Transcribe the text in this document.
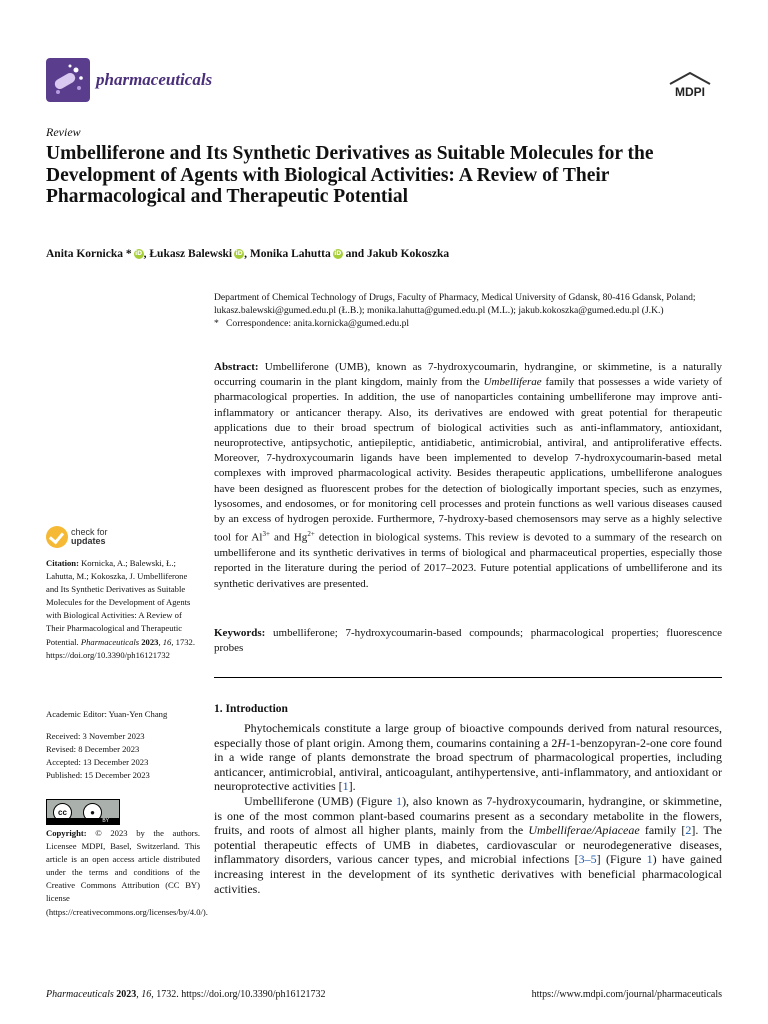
pharmaceuticals
MDPI
Review
Umbelliferone and Its Synthetic Derivatives as Suitable Molecules for the Development of Agents with Biological Activities: A Review of Their Pharmacological and Therapeutic Potential
Anita Kornicka * iD, Łukasz Balewski iD, Monika Lahutta iD and Jakub Kokoszka
Department of Chemical Technology of Drugs, Faculty of Pharmacy, Medical University of Gdansk, 80-416 Gdansk, Poland; lukasz.balewski@gumed.edu.pl (Ł.B.); monika.lahutta@gumed.edu.pl (M.L.); jakub.kokoszka@gumed.edu.pl (J.K.)
* Correspondence: anita.kornicka@gumed.edu.pl
Abstract: Umbelliferone (UMB), known as 7-hydroxycoumarin, hydrangine, or skimmetine, is a naturally occurring coumarin in the plant kingdom, mainly from the Umbelliferae family that possesses a wide variety of pharmacological properties. In addition, the use of nanoparticles containing umbelliferone may improve anti-inflammatory or anticancer therapy. Also, its derivatives are endowed with great potential for therapeutic applications due to their broad spectrum of biological activities such as anti-inflammatory, antioxidant, neuroprotective, antipsychotic, antiepileptic, antidiabetic, antimicrobial, antiviral, and antiproliferative effects. Moreover, 7-hydroxycoumarin ligands have been implemented to develop 7-hydroxycoumarin-based metal complexes with improved pharmacological activity. Besides therapeutic applications, umbelliferone analogues have been designed as fluorescent probes for the detection of biologically important species, such as enzymes, lysosomes, and endosomes, or for monitoring cell processes and protein functions as well various diseases caused by an excess of hydrogen peroxide. Furthermore, 7-hydroxy-based chemosensors may serve as a highly selective tool for $Al^{3+}$ and $Hg^{2+}$ detection in biological systems. This review is devoted to a summary of the research on umbelliferone and its synthetic derivatives in terms of biological and pharmaceutical properties, especially those reported in the literature during the period of 2017–2023. Future potential applications of umbelliferone and its synthetic derivatives are presented.
Keywords: umbelliferone; 7-hydroxycoumarin-based compounds; pharmacological properties; fluorescence probes
1. Introduction

Phytochemicals constitute a large group of bioactive compounds derived from natural resources, especially those of plant origin. Among them, coumarins containing a 2H-1-benzopyran-2-one core found in a wide range of plants demonstrate the broad spectrum of pharmacological properties, including anticancer, antimicrobial, antiviral, anticoagulant, antihypertensive, anti-inflammatory, and antioxidant or neuroprotective activities [1].

Umbelliferone (UMB) (Figure 1), also known as 7-hydroxycoumarin, hydrangine, or skimmetine, is one of the most common plant-based coumarins present as a secondary metabolite in the flowers, fruits, and roots of almost all higher plants, mainly from the Umbelliferae/Apiaceae family [2]. The potential therapeutic effects of UMB in diabetes, cardiovascular or neurodegenerative diseases, inflammatory disorders, various cancer types, and microbial infections [3–5] (Figure 1) have gained increasing interest in the development of its synthetic derivatives with beneficial pharmacological activities.

check for
updates
Citation: Kornicka, A.; Balewski, Ł.; Lahutta, M.; Kokoszka, J. Umbelliferone and Its Synthetic Derivatives as Suitable Molecules for the Development of Agents with Biological Activities: A Review of Their Pharmacological and Therapeutic Potential. Pharmaceuticals 2023, 16, 1732. https://doi.org/10.3390/ph16121732
Academic Editor: Yuan-Yen Chang
Received: 3 November 2023
Revised: 8 December 2023
Accepted: 13 December 2023
Published: 15 December 2023
cc	●
BY
Copyright: © 2023 by the authors. Licensee MDPI, Basel, Switzerland. This article is an open access article distributed under the terms and conditions of the Creative Commons Attribution (CC BY) license (https://creativecommons.org/licenses/by/4.0/).
Pharmaceuticals 2023, 16, 1732. https://doi.org/10.3390/ph16121732	https://www.mdpi.com/journal/pharmaceuticals
